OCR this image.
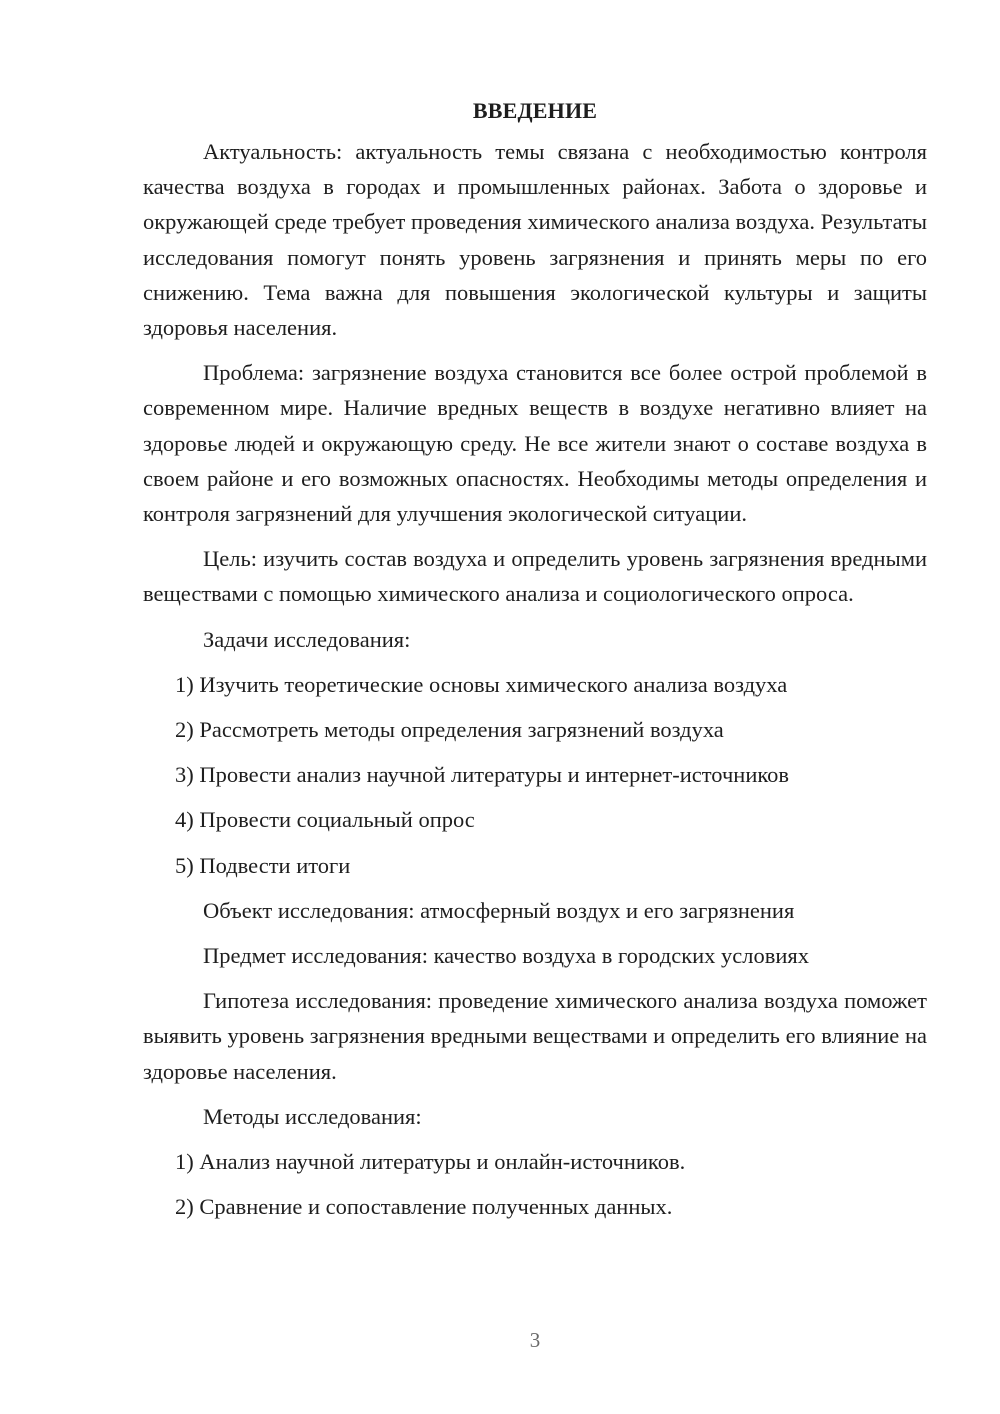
ВВЕДЕНИЕ

Актуальность: актуальность темы связана с необходимостью контроля качества воздуха в городах и промышленных районах. Забота о здоровье и окружающей среде требует проведения химического анализа воздуха. Результаты исследования помогут понять уровень загрязнения и принять меры по его снижению. Тема важна для повышения экологической культуры и защиты здоровья населения.

Проблема: загрязнение воздуха становится все более острой проблемой в современном мире. Наличие вредных веществ в воздухе негативно влияет на здоровье людей и окружающую среду. Не все жители знают о составе воздуха в своем районе и его возможных опасностях. Необходимы методы определения и контроля загрязнений для улучшения экологической ситуации.

Цель: изучить состав воздуха и определить уровень загрязнения вредными веществами с помощью химического анализа и социологического опроса.

Задачи исследования:
1) Изучить теоретические основы химического анализа воздуха
2) Рассмотреть методы определения загрязнений воздуха
3) Провести анализ научной литературы и интернет-источников
4) Провести социальный опрос
5) Подвести итоги
Объект исследования: атмосферный воздух и его загрязнения
Предмет исследования: качество воздуха в городских условиях

Гипотеза исследования: проведение химического анализа воздуха поможет выявить уровень загрязнения вредными веществами и определить его влияние на здоровье населения.

Методы исследования:
1) Анализ научной литературы и онлайн-источников.
2) Сравнение и сопоставление полученных данных.
3
